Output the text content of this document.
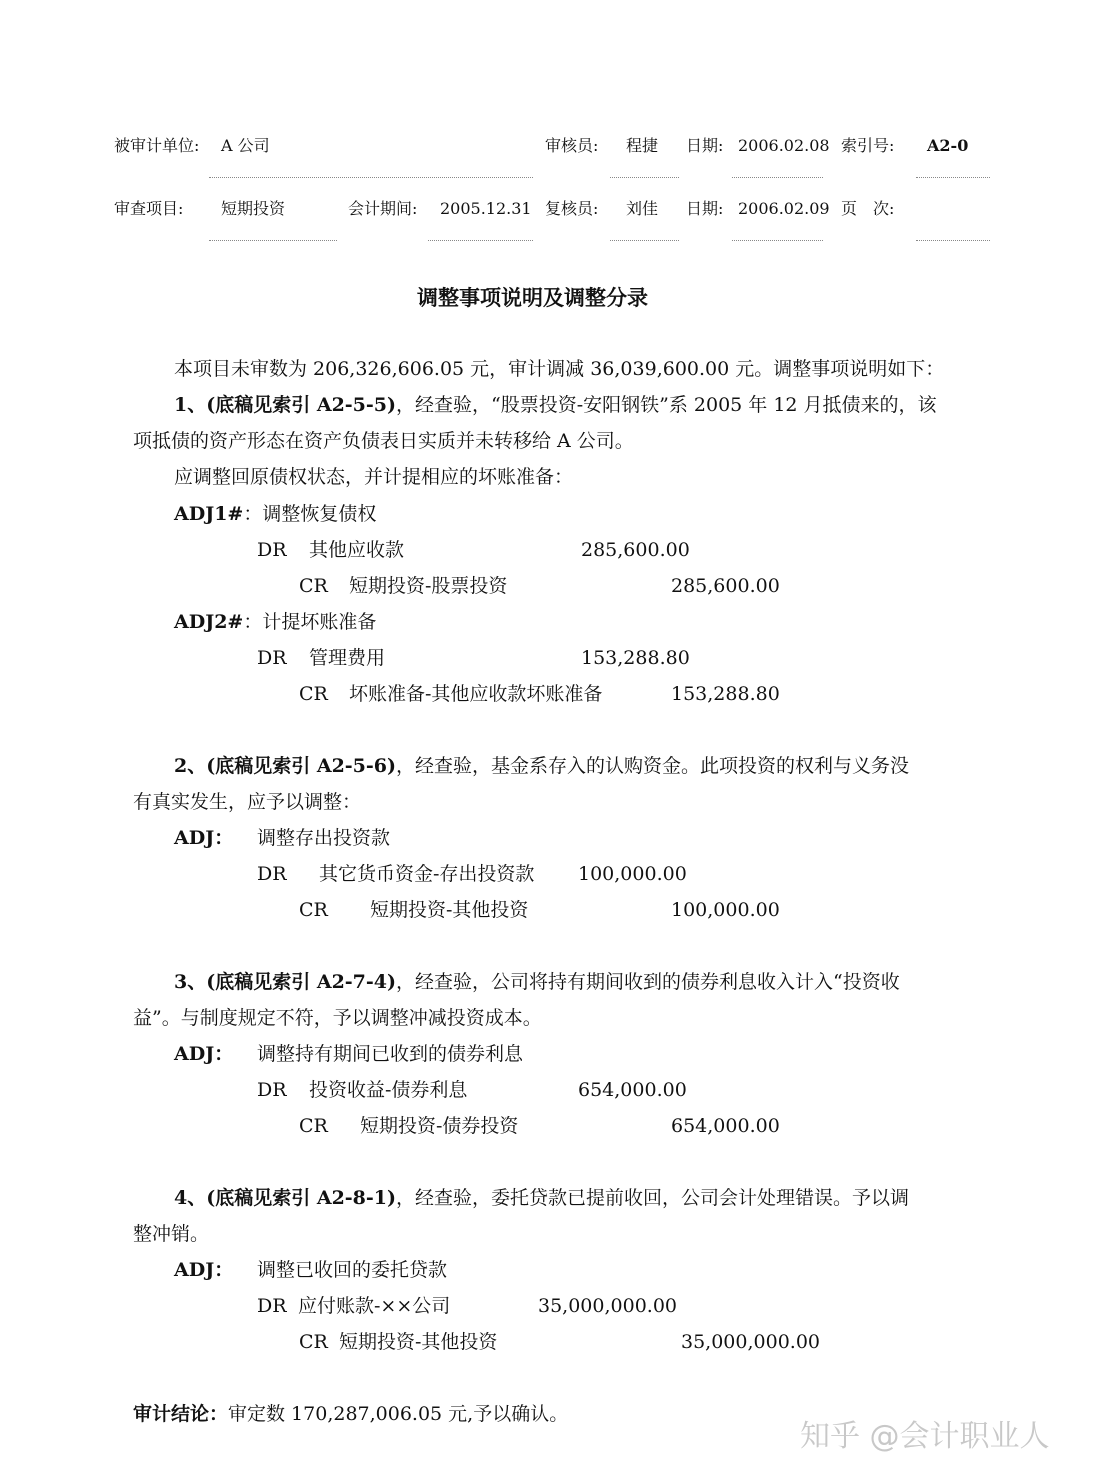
被审计单位: A 公司	审核员: 程捷 日期: 2006.02.08 索引号: A2-0
审查项目: 短期投资	会计期间: 2005.12.31 复核员: 刘佳 日期: 2006.02.09 页　次:
调整事项说明及调整分录
本项目未审数为 206,326,606.05 元，审计调减 36,039,600.00 元。调整事项说明如下：
1、(底稿见索引 A2-5-5)，经查验，“股票投资-安阳钢铁”系 2005 年 12 月抵债来的，该
项抵债的资产形态在资产负债表日实质并未转移给 A 公司。
应调整回原债权状态，并计提相应的坏账准备：
ADJ1#：调整恢复债权
DR 其他应收款	285,600.00
CR 短期投资-股票投资	285,600.00
ADJ2#：计提坏账准备
DR 管理费用	153,288.80
CR 坏账准备-其他应收款坏账准备	153,288.80
2、(底稿见索引 A2-5-6)，经查验，基金系存入的认购资金。此项投资的权利与义务没
有真实发生，应予以调整：
ADJ： 调整存出投资款
DR 其它货币资金-存出投资款 100,000.00
CR 短期投资-其他投资	100,000.00
3、(底稿见索引 A2-7-4)，经查验，公司将持有期间收到的债券利息收入计入“投资收
益”。与制度规定不符，予以调整冲减投资成本。
ADJ： 调整持有期间已收到的债券利息
DR 投资收益-债券利息	654,000.00
CR 短期投资-债券投资	654,000.00
4、(底稿见索引 A2-8-1)，经查验，委托贷款已提前收回，公司会计处理错误。予以调
整冲销。
ADJ： 调整已收回的委托贷款
DR 应付账款-××公司	35,000,000.00
CR 短期投资-其他投资	35,000,000.00
审计结论：审定数 170,287,006.05 元,予以确认。
知乎 @会计职业人
